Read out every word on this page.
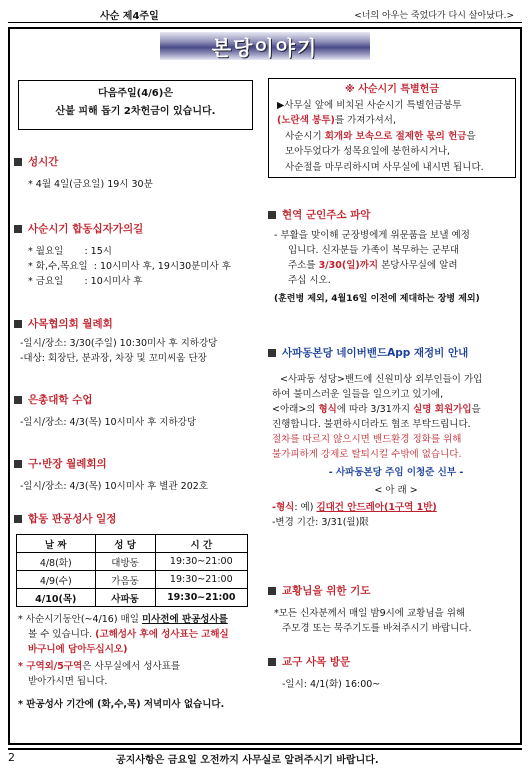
사순 제4주일	<너의 아우는 죽었다가 다시 살아났다.>
본당이야기
다음주일(4/6)은
산불 피해 돕기 2차헌금이 있습니다.
※ 사순시기 특별헌금
▶사무실 앞에 비치된 사순시기 특별헌금봉투
(노란색 봉투)를 가져가셔서,
사순시기 회개와 보속으로 절제한 몫의 헌금을
모아두었다가 성목요일에 봉헌하시거나,
사순절을 마무리하시며 사무실에 내시면 됩니다.
성시간
* 4월 4일(금요일) 19시 30분
사순시기 합동십자가의길
* 월요일       : 15시
* 화,수,목요일  : 10시미사 후, 19시30분미사 후
* 금요일       : 10시미사 후
사목협의회 월례회
-일시/장소: 3/30(주일) 10:30미사 후 지하강당
-대상: 회장단, 분과장, 차장 및 꼬미씨움 단장
은총대학 수업
-일시/장소: 4/3(목) 10시미사 후 지하강당
구·반장 월례회의
-일시/장소: 4/3(목) 10시미사 후 별관 202호
합동 판공성사 일정
날 짜	성 당	시 간
4/8(화)	대방동	19:30~21:00
4/9(수)	가음동	19:30~21:00
4/10(목)	사파동	19:30~21:00
* 사순시기동안(~4/16) 매일 미사전에 판공성사를
볼 수 있습니다. (고해성사 후에 성사표는 고해실
바구니에 담아두십시오)
* 구역외/5구역은 사무실에서 성사표를
받아가시면 됩니다.
* 판공성사 기간에 (화,수,목) 저녁미사 없습니다.
현역 군인주소 파악
- 부활을 맞이해 군장병에게 위문품을 보낼 예정
입니다. 신자분들 가족이 복무하는 군부대
주소를 3/30(일)까지 본당사무실에 알려
주십 시오.
(훈련병 제외, 4월16일 이전에 제대하는 장병 제외)
사파동본당 네이버밴드App 재정비 안내
<사파동 성당>밴드에 신원미상 외부인들이 가입
하여 불미스러운 일들을 일으키고 있기에,
<아래>의 형식에 따라 3/31까지 실명 회원가입을
진행합니다. 불편하시더라도 협조 부탁드립니다.
절차를 따르지 않으시면 밴드환경 정화를 위해
불가피하게 강제로 탈퇴시킬 수밖에 없습니다.
- 사파동본당 주임 이청준 신부 -
< 아 래 >
-형식: 예) 김대건 안드레아(1구역 1반)
-변경 기간: 3/31(월)限
교황님을 위한 기도
*모든 신자분께서 매일 밤9시에 교황님을 위해
주모경 또는 묵주기도를 바쳐주시기 바랍니다.
교구 사목 방문
-일시: 4/1(화) 16:00~
2	공지사항은 금요일 오전까지 사무실로 알려주시기 바랍니다.
